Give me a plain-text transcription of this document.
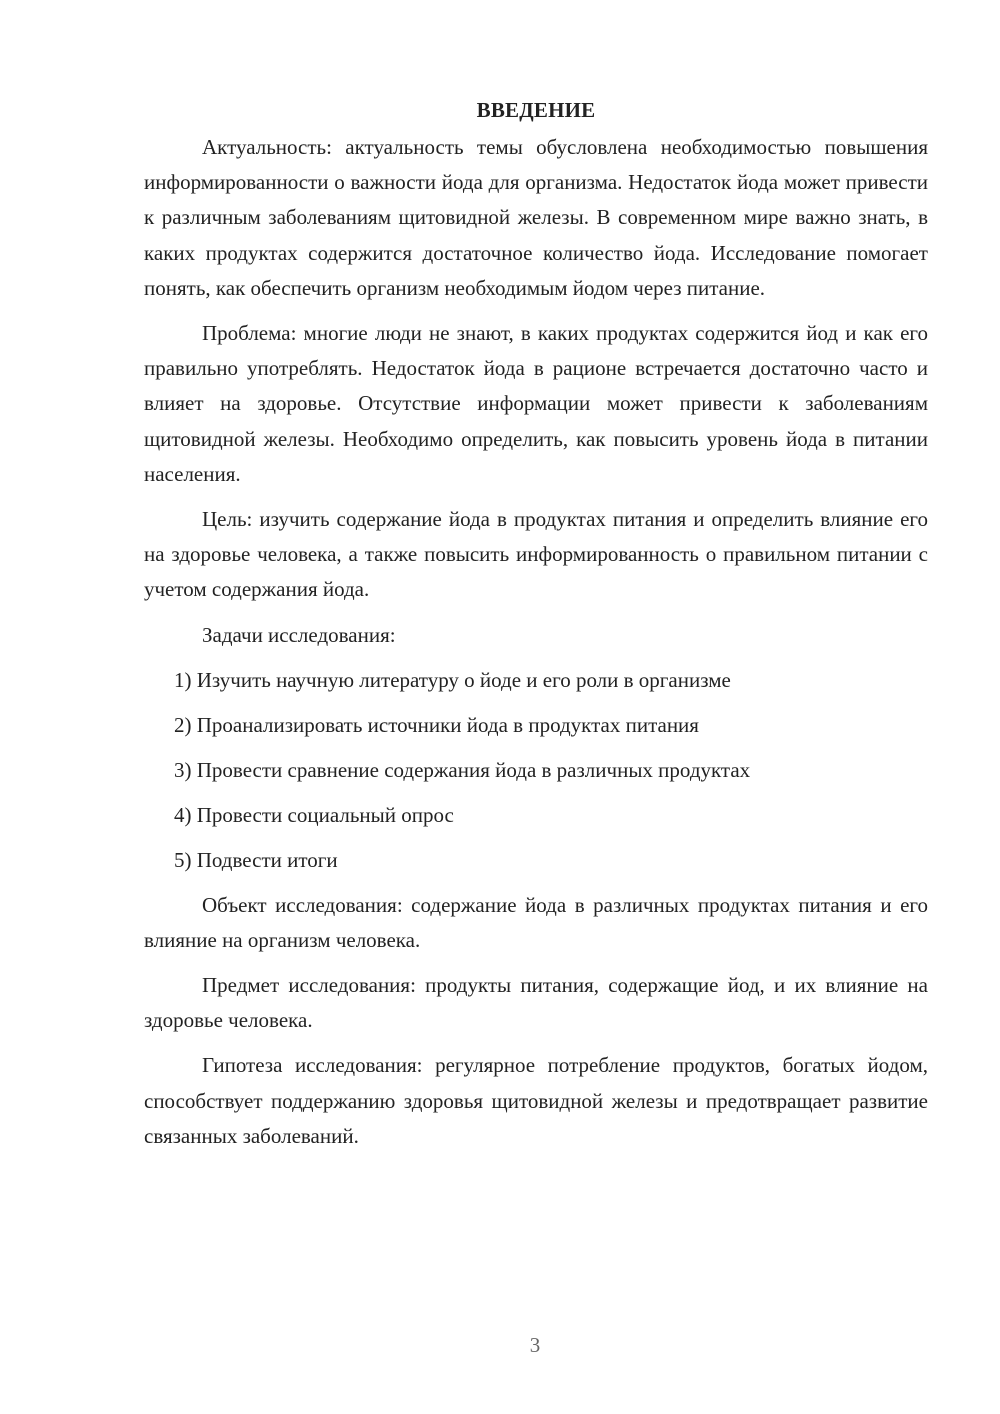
ВВЕДЕНИЕ

Актуальность: актуальность темы обусловлена необходимостью повышения информированности о важности йода для организма. Недостаток йода может привести к различным заболеваниям щитовидной железы. В современном мире важно знать, в каких продуктах содержится достаточное количество йода. Исследование помогает понять, как обеспечить организм необходимым йодом через питание.

Проблема: многие люди не знают, в каких продуктах содержится йод и как его правильно употреблять. Недостаток йода в рационе встречается достаточно часто и влияет на здоровье. Отсутствие информации может привести к заболеваниям щитовидной железы. Необходимо определить, как повысить уровень йода в питании населения.

Цель: изучить содержание йода в продуктах питания и определить влияние его на здоровье человека, а также повысить информированность о правильном питании с учетом содержания йода.

Задачи исследования:
1) Изучить научную литературу о йоде и его роли в организме
2) Проанализировать источники йода в продуктах питания
3) Провести сравнение содержания йода в различных продуктах
4) Провести социальный опрос
5) Подвести итоги

Объект исследования: содержание йода в различных продуктах питания и его влияние на организм человека.

Предмет исследования: продукты питания, содержащие йод, и их влияние на здоровье человека.

Гипотеза исследования: регулярное потребление продуктов, богатых йодом, способствует поддержанию здоровья щитовидной железы и предотвращает развитие связанных заболеваний.

3
